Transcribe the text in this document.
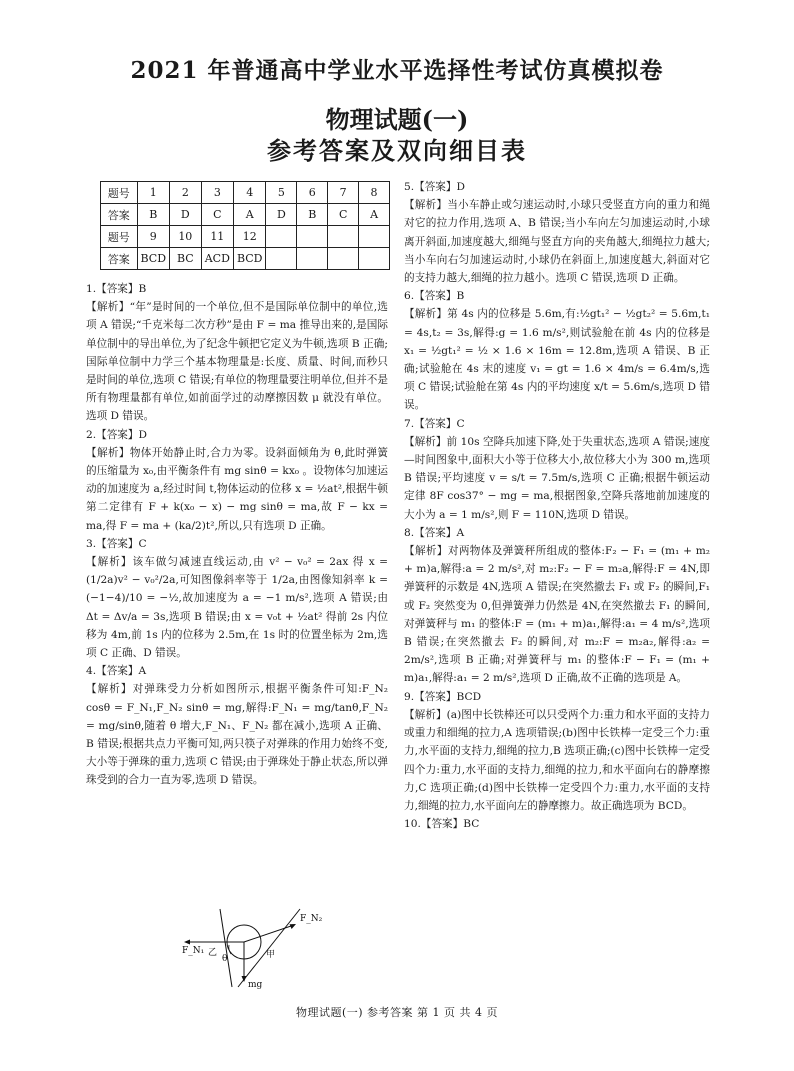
2021 年普通高中学业水平选择性考试仿真模拟卷
物理试题(一)
参考答案及双向细目表
题号	1	2	3	4	5	6	7	8
答案	B	D	C	A	D	B	C	A
题号	9	10	11	12				
答案	BCD	BC	ACD	BCD				
1.【答案】B
【解析】“年”是时间的一个单位,但不是国际单位制中的单位,选项 A 错误;“千克米每二次方秒”是由 F = ma 推导出来的,是国际单位制中的导出单位,为了纪念牛顿把它定义为牛顿,选项 B 正确;国际单位制中力学三个基本物理量是:长度、质量、时间,而秒只是时间的单位,选项 C 错误;有单位的物理量要注明单位,但并不是所有物理量都有单位,如前面学过的动摩擦因数 μ 就没有单位。选项 D 错误。
2.【答案】D
【解析】物体开始静止时,合力为零。设斜面倾角为 θ,此时弹簧的压缩量为 x₀,由平衡条件有 mg sinθ = kx₀ 。设物体匀加速运动的加速度为 a,经过时间 t,物体运动的位移 x = ½at²,根据牛顿第二定律有 F + k(x₀ − x) − mg sinθ = ma,故 F − kx = ma,得 F = ma + (ka/2)t²,所以,只有选项 D 正确。
3.【答案】C
【解析】该车做匀减速直线运动,由 v² − v₀² = 2ax 得 x = (1/2a)v² − v₀²/2a,可知图像斜率等于 1/2a,由图像知斜率 k = (−1−4)/10 = −½,故加速度为 a = −1 m/s²,选项 A 错误;由 Δt = Δv/a = 3s,选项 B 错误;由 x = v₀t + ½at² 得前 2s 内位移为 4m,前 1s 内的位移为 2.5m,在 1s 时的位置坐标为 2m,选项 C 正确、D 错误。
4.【答案】A
【解析】对弹珠受力分析如图所示,根据平衡条件可知:F_N₂ cosθ = F_N₁,F_N₂ sinθ = mg,解得:F_N₁ = mg/tanθ,F_N₂ = mg/sinθ,随着 θ 增大,F_N₁、F_N₂ 都在减小,选项 A 正确、B 错误;根据共点力平衡可知,两只筷子对弹珠的作用力始终不变,大小等于弹珠的重力,选项 C 错误;由于弹珠处于静止状态,所以弹珠受到的合力一直为零,选项 D 错误。
5.【答案】D
【解析】当小车静止或匀速运动时,小球只受竖直方向的重力和绳对它的拉力作用,选项 A、B 错误;当小车向左匀加速运动时,小球离开斜面,加速度越大,细绳与竖直方向的夹角越大,细绳拉力越大;当小车向右匀加速运动时,小球仍在斜面上,加速度越大,斜面对它的支持力越大,细绳的拉力越小。选项 C 错误,选项 D 正确。
6.【答案】B
【解析】第 4s 内的位移是 5.6m,有:½gt₁² − ½gt₂² = 5.6m,t₁ = 4s,t₂ = 3s,解得:g = 1.6 m/s²,则试验舱在前 4s 内的位移是 x₁ = ½gt₁² = ½ × 1.6 × 16m = 12.8m,选项 A 错误、B 正确;试验舱在 4s 末的速度 v₁ = gt = 1.6 × 4m/s = 6.4m/s,选项 C 错误;试验舱在第 4s 内的平均速度 x/t = 5.6m/s,选项 D 错误。
7.【答案】C
【解析】前 10s 空降兵加速下降,处于失重状态,选项 A 错误;速度—时间图象中,面积大小等于位移大小,故位移大小为 300 m,选项 B 错误;平均速度 v = s/t = 7.5m/s,选项 C 正确;根据牛顿运动定律 8F cos37° − mg = ma,根据图象,空降兵落地前加速度的大小为 a = 1 m/s²,则 F = 110N,选项 D 错误。
8.【答案】A
【解析】对两物体及弹簧秤所组成的整体:F₂ − F₁ = (m₁ + m₂ + m)a,解得:a = 2 m/s²,对 m₂:F₂ − F = m₂a,解得:F = 4N,即弹簧秤的示数是 4N,选项 A 错误;在突然撤去 F₁ 或 F₂ 的瞬间,F₁ 或 F₂ 突然变为 0,但弹簧弹力仍然是 4N,在突然撤去 F₁ 的瞬间,对弹簧秤与 m₁ 的整体:F = (m₁ + m)a₁,解得:a₁ = 4 m/s²,选项 B 错误;在突然撤去 F₂ 的瞬间,对 m₂:F = m₂a₂,解得:a₂ = 2m/s²,选项 B 正确;对弹簧秤与 m₁ 的整体:F − F₁ = (m₁ + m)a₁,解得:a₁ = 2 m/s²,选项 D 正确,故不正确的选项是 A。
9.【答案】BCD
【解析】(a)图中长铁棒还可以只受两个力:重力和水平面的支持力或重力和细绳的拉力,A 选项错误;(b)图中长铁棒一定受三个力:重力,水平面的支持力,细绳的拉力,B 选项正确;(c)图中长铁棒一定受四个力:重力,水平面的支持力,细绳的拉力,和水平面向右的静摩擦力,C 选项正确;(d)图中长铁棒一定受四个力:重力,水平面的支持力,细绳的拉力,水平面向左的静摩擦力。故正确选项为 BCD。
10.【答案】BC
F_N₁
F_N₂
乙	甲
θ
mg
物理试题(一) 参考答案 第 1 页 共 4 页
